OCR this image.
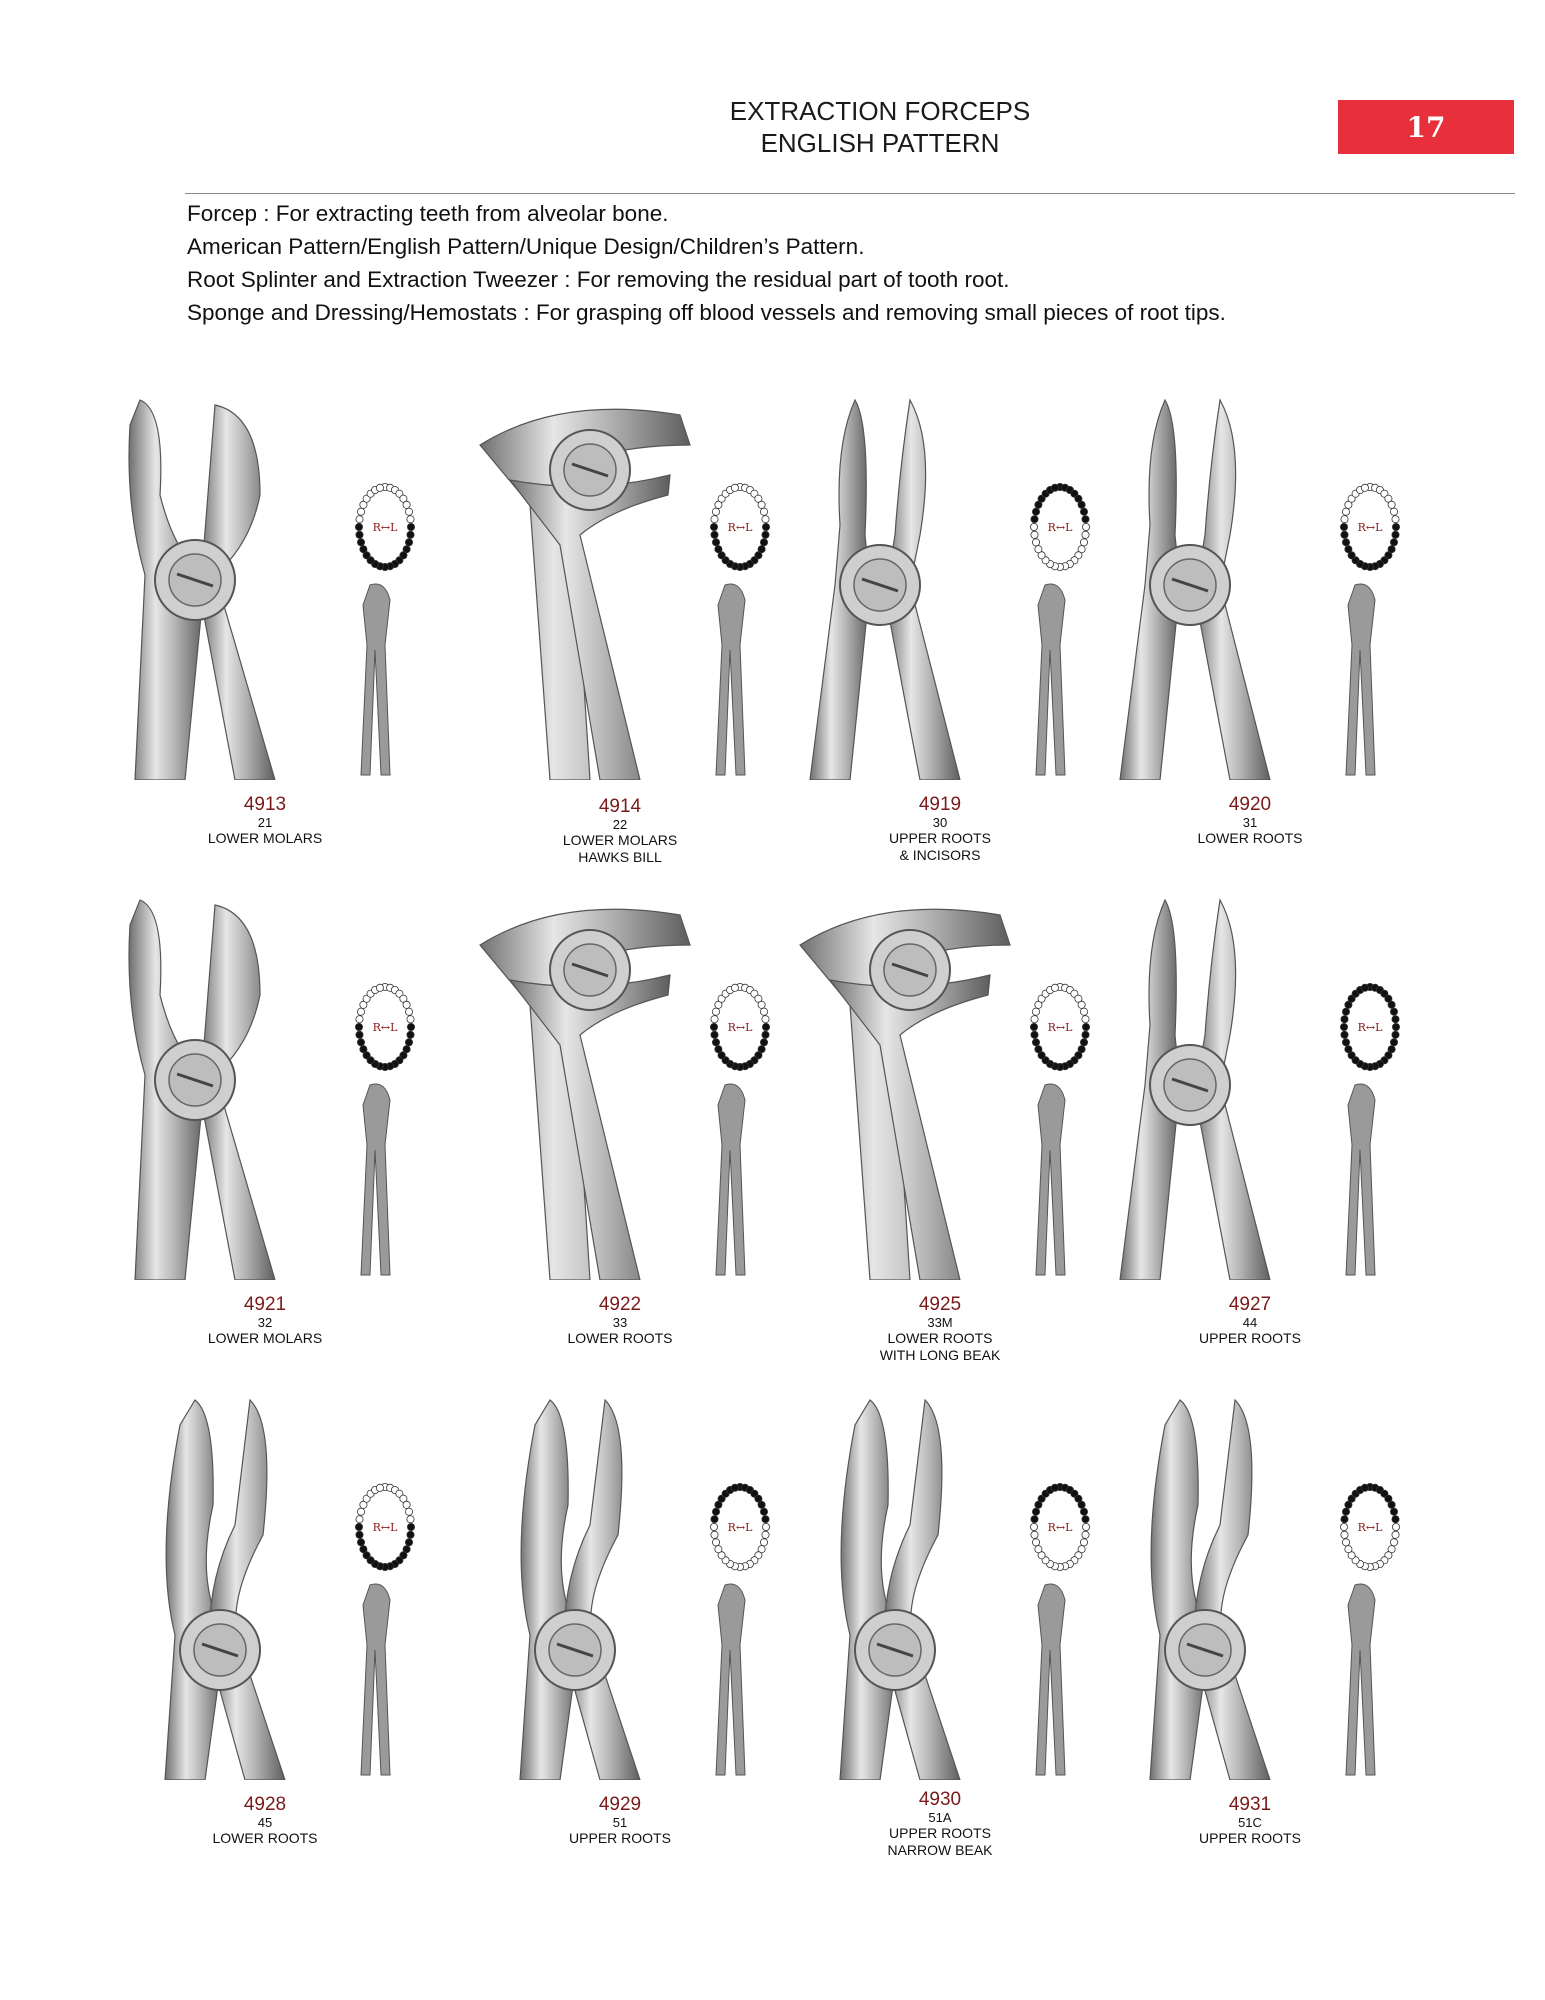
EXTRACTION FORCEPS
ENGLISH PATTERN	17
Forcep : For extracting teeth from alveolar bone.
American Pattern/English Pattern/Unique Design/Children’s Pattern.
Root Splinter and Extraction Tweezer : For removing the residual part of tooth root.
Sponge and Dressing/Hemostats : For grasping off blood vessels and removing small pieces of root tips.
R↔L
4913
21
LOWER MOLARS
R↔L
4914
22
LOWER MOLARS
HAWKS BILL
R↔L
4919
30
UPPER ROOTS
& INCISORS
R↔L
4920
31
LOWER ROOTS
R↔L
4921
32
LOWER MOLARS
R↔L
4922
33
LOWER ROOTS
R↔L
4925
33M
LOWER ROOTS
WITH LONG BEAK
R↔L
4927
44
UPPER ROOTS
R↔L
4928
45
LOWER ROOTS
R↔L
4929
51
UPPER ROOTS
R↔L
4930
51A
UPPER ROOTS
NARROW BEAK
R↔L
4931
51C
UPPER ROOTS
